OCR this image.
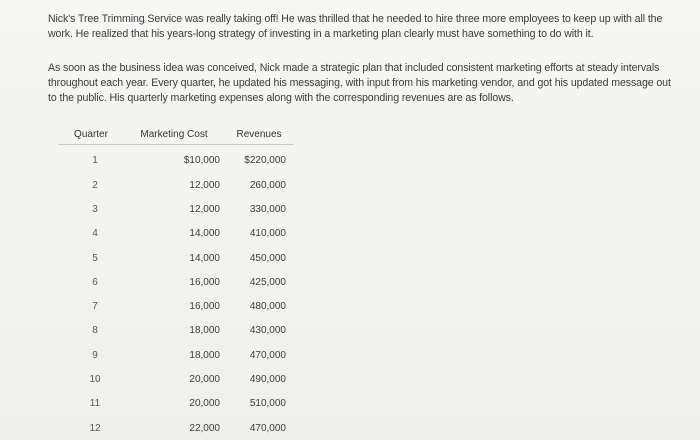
Nick's Tree Trimming Service was really taking off! He was thrilled that he needed to hire three more employees to keep up with all the work. He realized that his years-long strategy of investing in a marketing plan clearly must have something to do with it.

As soon as the business idea was conceived, Nick made a strategic plan that included consistent marketing efforts at steady intervals throughout each year. Every quarter, he updated his messaging, with input from his marketing vendor, and got his updated message out to the public. His quarterly marketing expenses along with the corresponding revenues are as follows.

Quarter	Marketing Cost	Revenues
1	$10,000	$220,000
2	12,000	260,000
3	12,000	330,000
4	14,000	410,000
5	14,000	450,000
6	16,000	425,000
7	16,000	480,000
8	18,000	430,000
9	18,000	470,000
10	20,000	490,000
11	20,000	510,000
12	22,000	470,000
